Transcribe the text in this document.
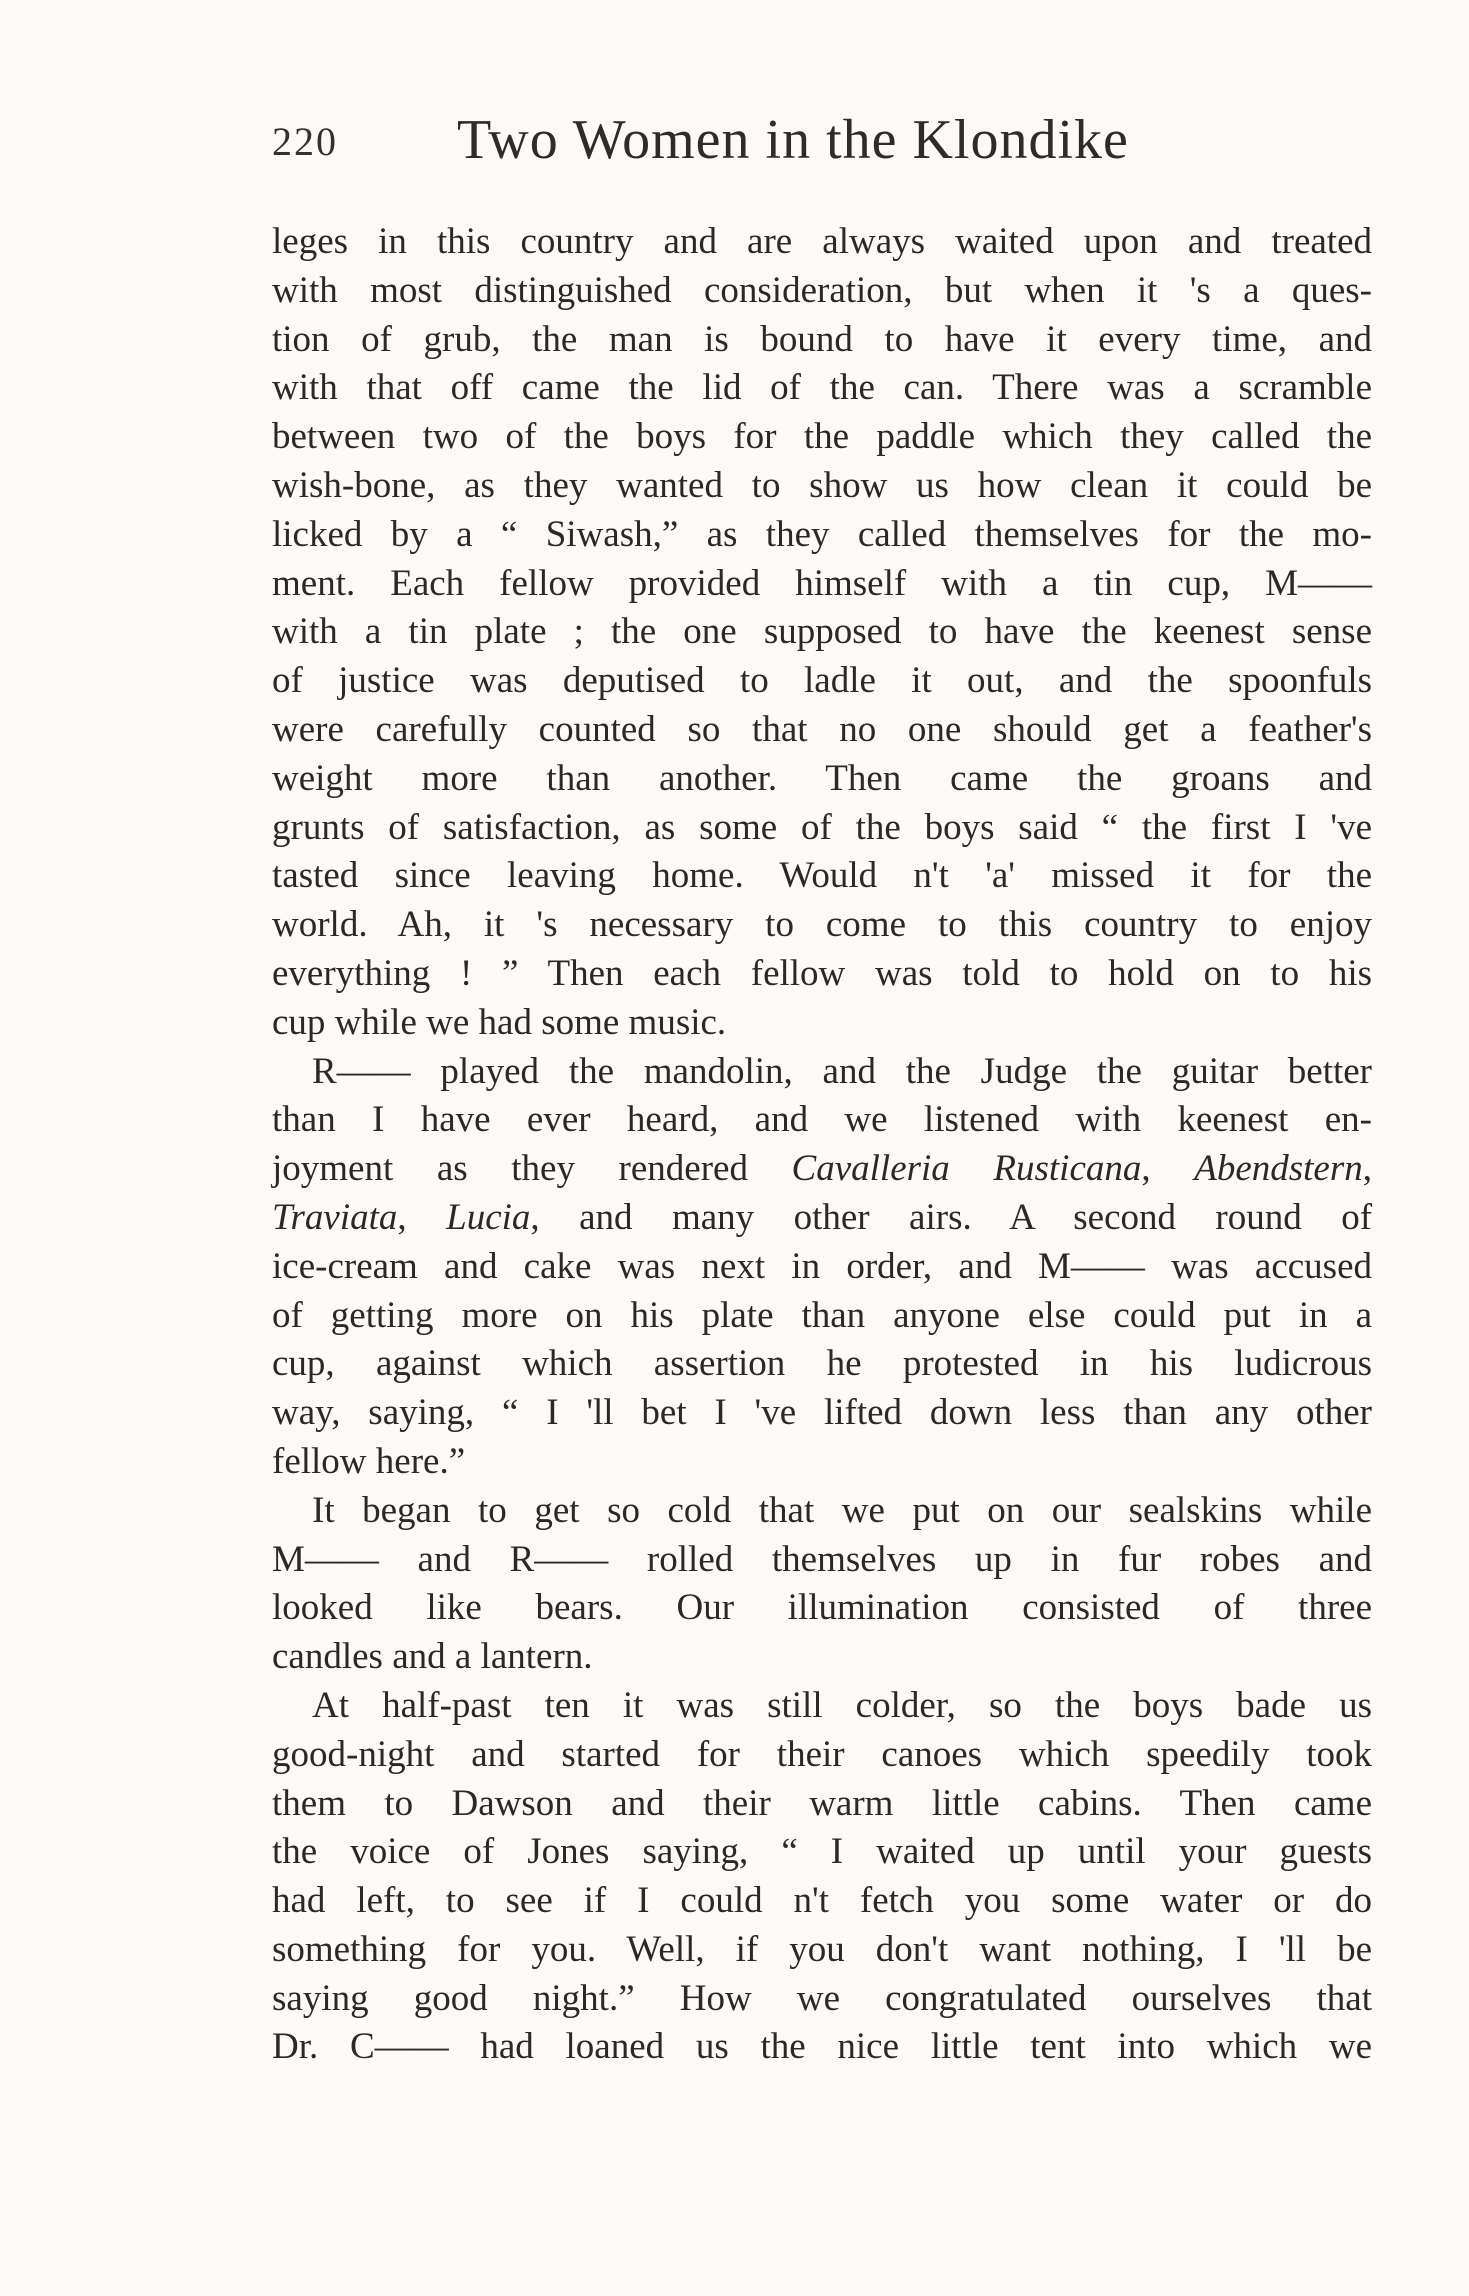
220 Two Women in the Klondike
leges in this country and are always waited upon and treated
with most distinguished consideration, but when it 's a ques-
tion of grub, the man is bound to have it every time, and
with that off came the lid of the can. There was a scramble
between two of the boys for the paddle which they called the
wish-bone, as they wanted to show us how clean it could be
licked by a “ Siwash,” as they called themselves for the mo-
ment. Each fellow provided himself with a tin cup, M——
with a tin plate ; the one supposed to have the keenest sense
of justice was deputised to ladle it out, and the spoonfuls
were carefully counted so that no one should get a feather's
weight more than another. Then came the groans and
grunts of satisfaction, as some of the boys said “ the first I 've
tasted since leaving home. Would n't 'a' missed it for the
world. Ah, it 's necessary to come to this country to enjoy
everything ! ” Then each fellow was told to hold on to his
cup while we had some music.
R—— played the mandolin, and the Judge the guitar better
than I have ever heard, and we listened with keenest en-
joyment as they rendered Cavalleria Rusticana, Abendstern,
Traviata, Lucia, and many other airs. A second round of
ice-cream and cake was next in order, and M—— was accused
of getting more on his plate than anyone else could put in a
cup, against which assertion he protested in his ludicrous
way, saying, “ I 'll bet I 've lifted down less than any other
fellow here.”
It began to get so cold that we put on our sealskins while
M—— and R—— rolled themselves up in fur robes and
looked like bears. Our illumination consisted of three
candles and a lantern.
At half-past ten it was still colder, so the boys bade us
good-night and started for their canoes which speedily took
them to Dawson and their warm little cabins. Then came
the voice of Jones saying, “ I waited up until your guests
had left, to see if I could n't fetch you some water or do
something for you. Well, if you don't want nothing, I 'll be
saying good night.” How we congratulated ourselves that
Dr. C—— had loaned us the nice little tent into which we
